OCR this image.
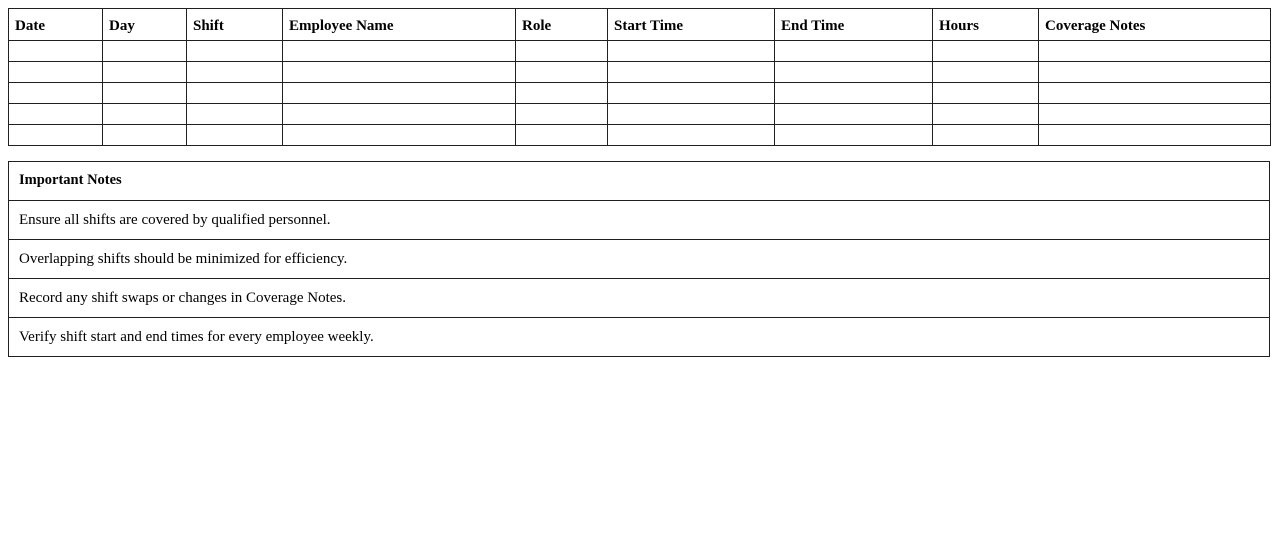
Date	Day	Shift	Employee Name	Role	Start Time	End Time	Hours	Coverage Notes

Important Notes
Ensure all shifts are covered by qualified personnel.
Overlapping shifts should be minimized for efficiency.
Record any shift swaps or changes in Coverage Notes.
Verify shift start and end times for every employee weekly.
